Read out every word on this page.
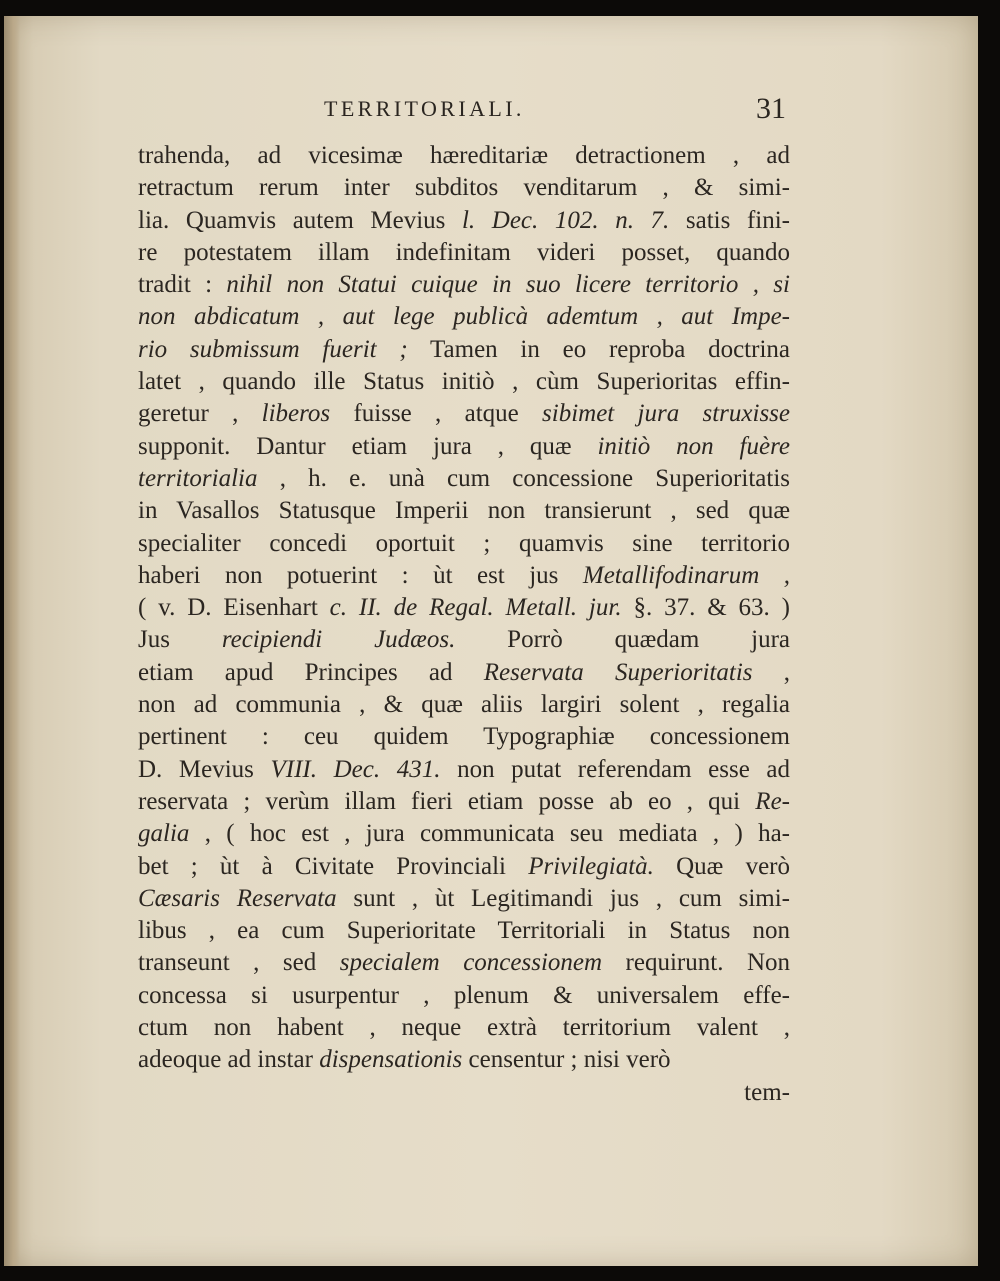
TERRITORIALI.	31
trahenda, ad vicesimæ hæreditariæ detractionem , ad
retractum rerum inter subditos venditarum , & simi-
lia. Quamvis autem Mevius l. Dec. 102. n. 7. satis fini-
re potestatem illam indefinitam videri posset, quando
tradit : nihil non Statui cuique in suo licere territorio , si
non abdicatum , aut lege publicà ademtum , aut Impe-
rio submissum fuerit ; Tamen in eo reproba doctrina
latet , quando ille Status initiò , cùm Superioritas effin-
geretur , liberos fuisse , atque sibimet jura struxisse
supponit. Dantur etiam jura , quæ initiò non fuère
territorialia , h. e. unà cum concessione Superioritatis
in Vasallos Statusque Imperii non transierunt , sed quæ
specialiter concedi oportuit ; quamvis sine territorio
haberi non potuerint : ùt est jus Metallifodinarum ,
( v. D. Eisenhart c. II. de Regal. Metall. jur. §. 37. & 63. )
Jus recipiendi Judæos. Porrò quædam jura
etiam apud Principes ad Reservata Superioritatis ,
non ad communia , & quæ aliis largiri solent , regalia
pertinent : ceu quidem Typographiæ concessionem
D. Mevius VIII. Dec. 431. non putat referendam esse ad
reservata ; verùm illam fieri etiam posse ab eo , qui Re-
galia , ( hoc est , jura communicata seu mediata , ) ha-
bet ; ùt à Civitate Provinciali Privilegiatà. Quæ verò
Cæsaris Reservata sunt , ùt Legitimandi jus , cum simi-
libus , ea cum Superioritate Territoriali in Status non
transeunt , sed specialem concessionem requirunt. Non
concessa si usurpentur , plenum & universalem effe-
ctum non habent , neque extrà territorium valent ,
adeoque ad instar dispensationis censentur ; nisi verò
tem-
